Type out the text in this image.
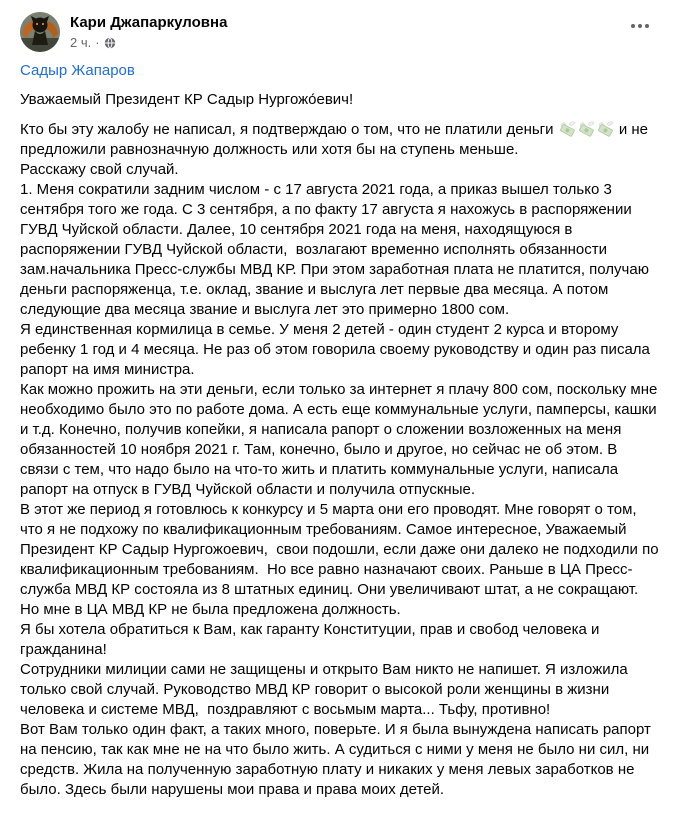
Кари Джапаркуловна
2 ч. ·
Садыр Жапаров
Уважаемый Президент КР Садыр Нургожо́евич!
Кто бы эту жалобу не написал, я подтверждаю о том, что не платили деньги	и не предложили равнозначную должность или хотя бы на ступень меньше.
Расскажу свой случай.
1. Меня сократили задним числом - с 17 августа 2021 года, а приказ вышел только 3 сентября того же года. С 3 сентября, а по факту 17 августа я нахожусь в распоряжении ГУВД Чуйской области. Далее, 10 сентября 2021 года на меня, находящуюся в распоряжении ГУВД Чуйской области,  возлагают временно исполнять обязанности зам.начальника Пресс-службы МВД КР. При этом заработная плата не платится, получаю деньги распоряженца, т.е. оклад, звание и выслуга лет первые два месяца. А потом следующие два месяца звание и выслуга лет это примерно 1800 сом.
Я единственная кормилица в семье. У меня 2 детей - один студент 2 курса и второму ребенку 1 год и 4 месяца. Не раз об этом говорила своему руководству и один раз писала рапорт на имя министра.
Как можно прожить на эти деньги, если только за интернет я плачу 800 сом, поскольку мне необходимо было это по работе дома. А есть еще коммунальные услуги, памперсы, кашки и т.д. Конечно, получив копейки, я написала рапорт о сложении возложенных на меня обязанностей 10 ноября 2021 г. Там, конечно, было и другое, но сейчас не об этом. В связи с тем, что надо было на что-то жить и платить коммунальные услуги, написала рапорт на отпуск в ГУВД Чуйской области и получила отпускные.
В этот же период я готовлюсь к конкурсу и 5 марта они его проводят. Мне говорят о том, что я не подхожу по квалификационным требованиям. Самое интересное, Уважаемый Президент КР Садыр Нургожоевич,  свои подошли, если даже они далеко не подходили по квалификационным требованиям.  Но все равно назначают своих. Раньше в ЦА Пресс-служба МВД КР состояла из 8 штатных единиц. Они увеличивают штат, а не сокращают. Но мне в ЦА МВД КР не была предложена должность.
Я бы хотела обратиться к Вам, как гаранту Конституции, прав и свобод человека и гражданина!
Сотрудники милиции сами не защищены и открыто Вам никто не напишет. Я изложила только свой случай. Руководство МВД КР говорит о высокой роли женщины в жизни человека и системе МВД,  поздравляют с восьмым марта... Тьфу, противно!
Вот Вам только один факт, а таких много, поверьте. И я была вынуждена написать рапорт на пенсию, так как мне не на что было жить. А судиться с ними у меня не было ни сил, ни средств. Жила на полученную заработную плату и никаких у меня левых заработков не было. Здесь были нарушены мои права и права моих детей.
